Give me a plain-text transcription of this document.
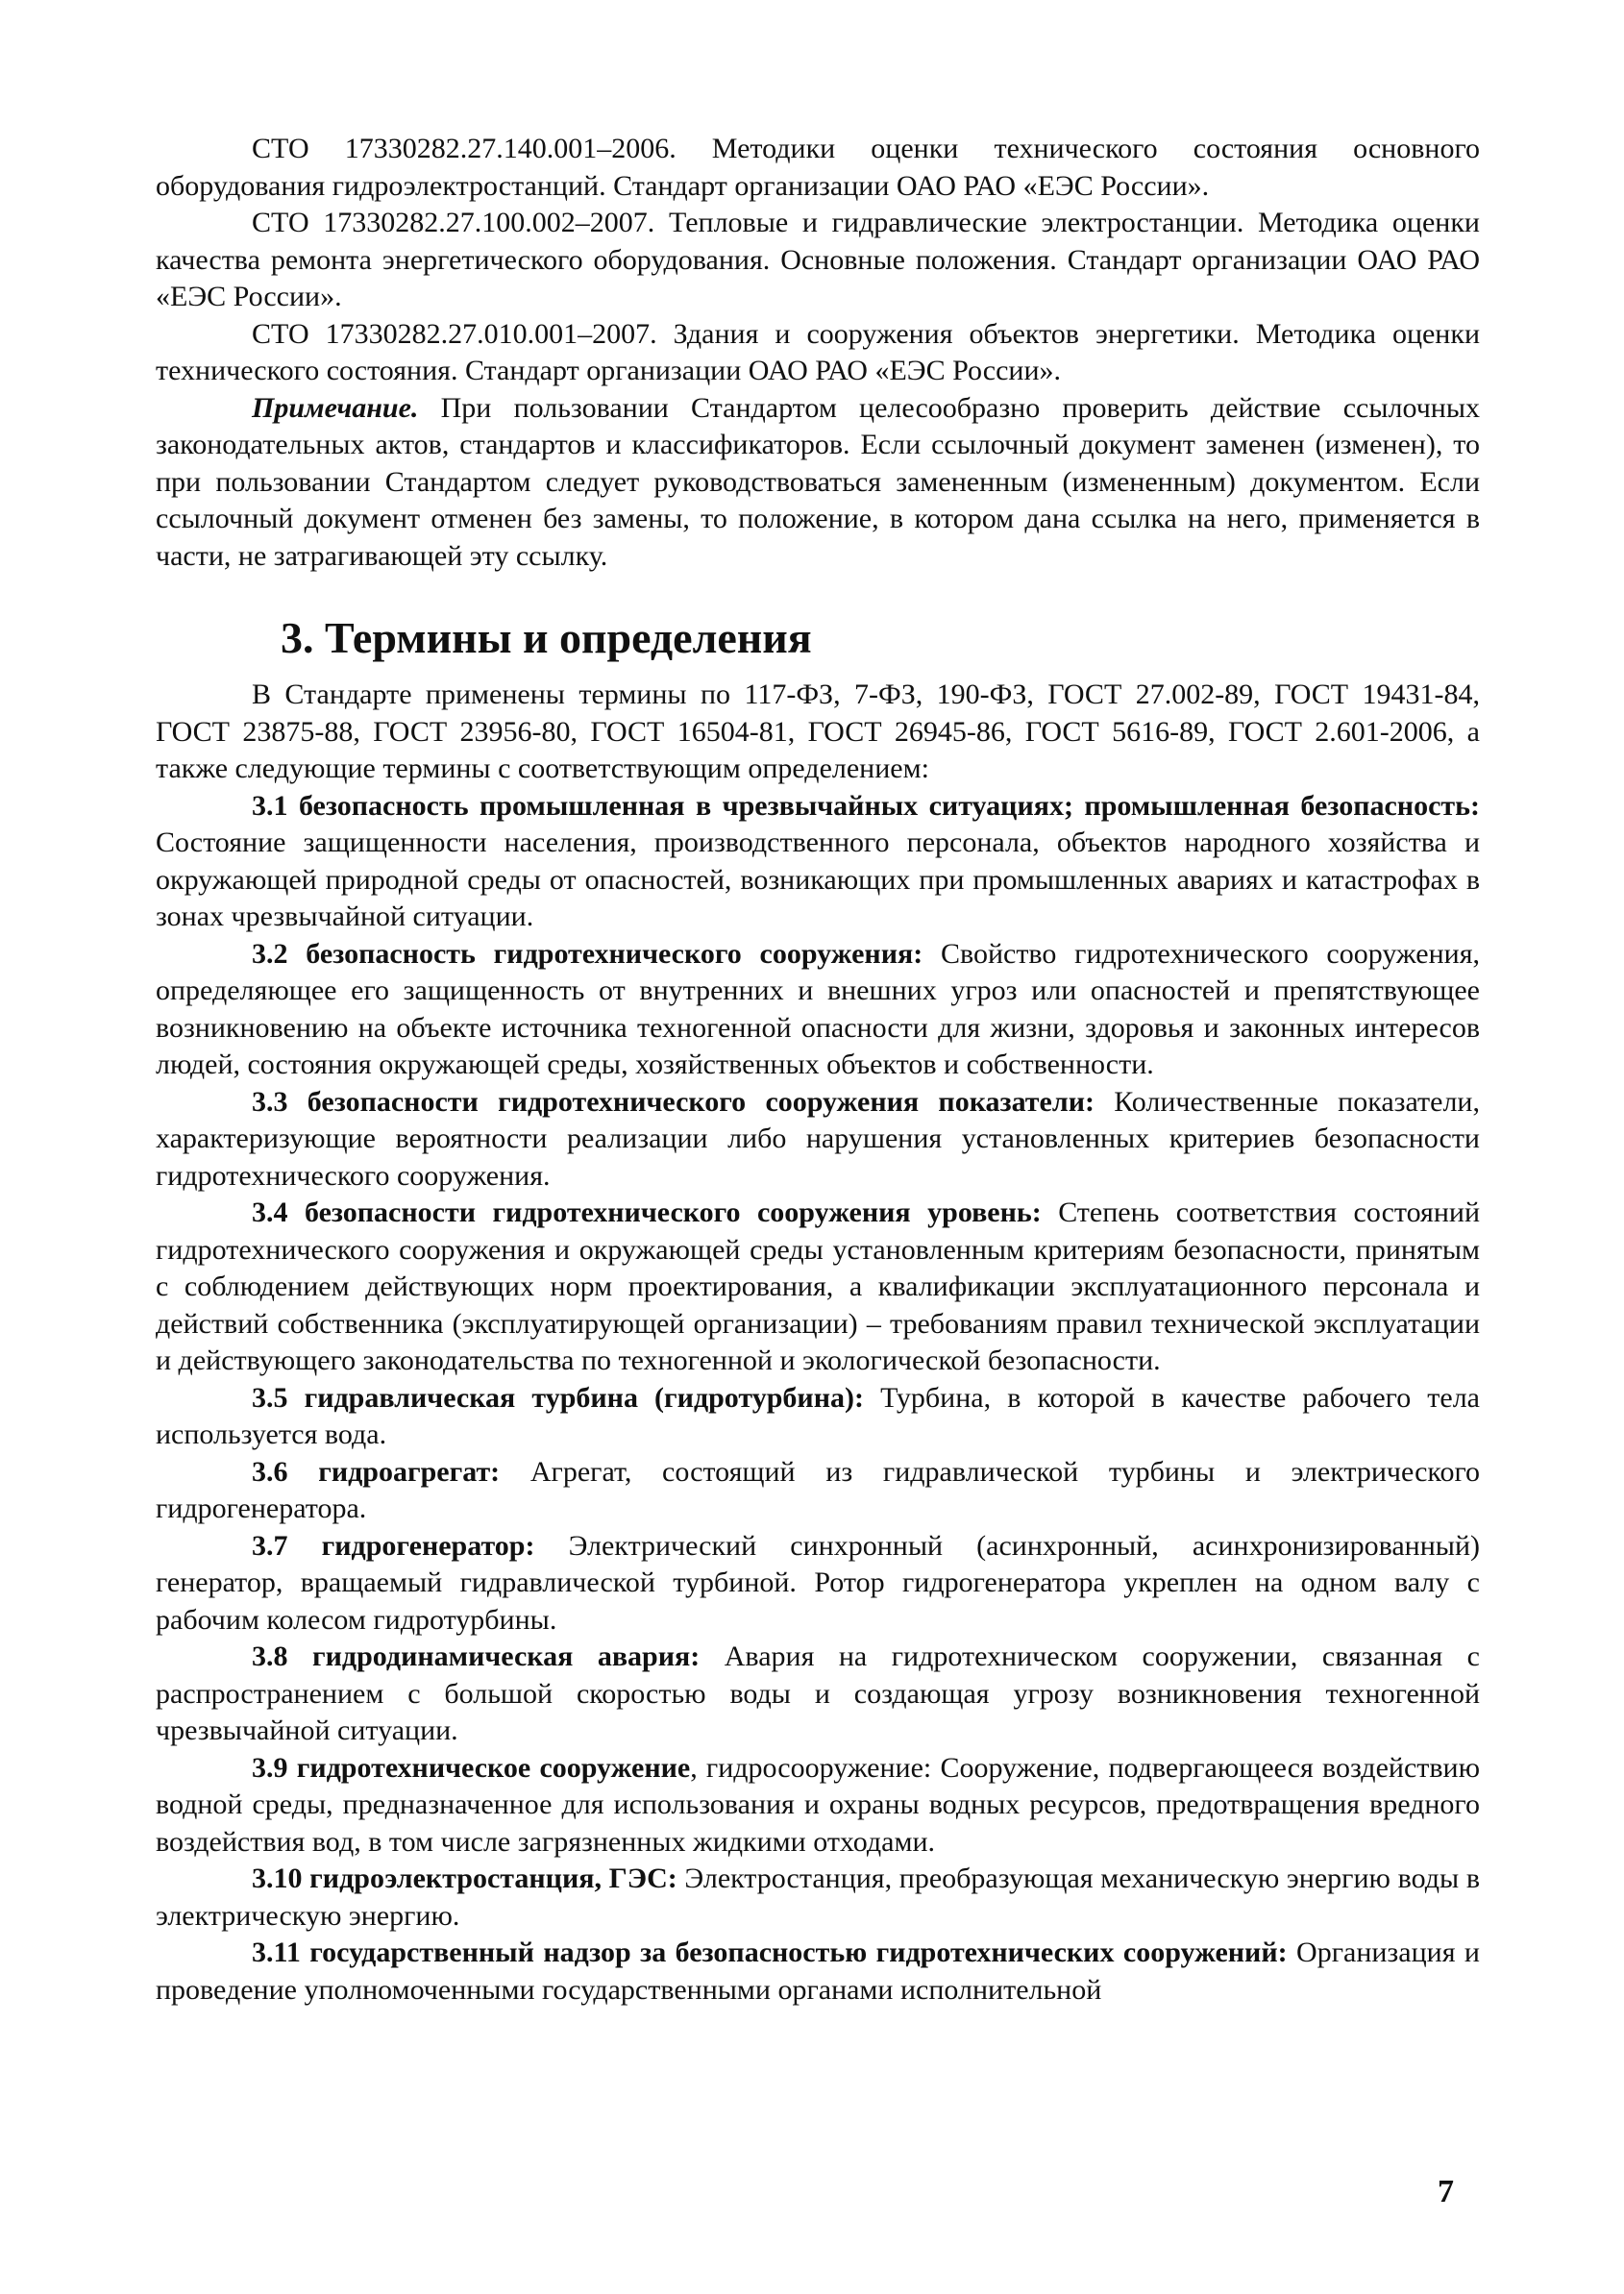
СТО 17330282.27.140.001–2006. Методики оценки технического состояния основного оборудования гидроэлектростанций. Стандарт организации ОАО РАО «ЕЭС России».

СТО 17330282.27.100.002–2007. Тепловые и гидравлические электростанции. Методика оценки качества ремонта энергетического оборудования. Основные положения. Стандарт организации ОАО РАО «ЕЭС России».

СТО 17330282.27.010.001–2007. Здания и сооружения объектов энергетики. Методика оценки технического состояния. Стандарт организации ОАО РАО «ЕЭС России».

Примечание. При пользовании Стандартом целесообразно проверить действие ссылочных законодательных актов, стандартов и классификаторов. Если ссылочный документ заменен (изменен), то при пользовании Стандартом следует руководствоваться замененным (измененным) документом. Если ссылочный документ отменен без замены, то положение, в котором дана ссылка на него, применяется в части, не затрагивающей эту ссылку.

3. Термины и определения

В Стандарте применены термины по 117-ФЗ, 7-ФЗ, 190-ФЗ, ГОСТ 27.002-89, ГОСТ 19431-84, ГОСТ 23875-88, ГОСТ 23956-80, ГОСТ 16504-81, ГОСТ 26945-86, ГОСТ 5616-89, ГОСТ 2.601-2006, а также следующие термины с соответствующим определением:

3.1 безопасность промышленная в чрезвычайных ситуациях; промышленная безопасность: Состояние защищенности населения, производственного персонала, объектов народного хозяйства и окружающей природной среды от опасностей, возникающих при промышленных авариях и катастрофах в зонах чрезвычайной ситуации.

3.2 безопасность гидротехнического сооружения: Свойство гидротехнического сооружения, определяющее его защищенность от внутренних и внешних угроз или опасностей и препятствующее возникновению на объекте источника техногенной опасности для жизни, здоровья и законных интересов людей, состояния окружающей среды, хозяйственных объектов и собственности.

3.3 безопасности гидротехнического сооружения показатели: Количественные показатели, характеризующие вероятности реализации либо нарушения установленных критериев безопасности гидротехнического сооружения.

3.4 безопасности гидротехнического сооружения уровень: Степень соответствия состояний гидротехнического сооружения и окружающей среды установленным критериям безопасности, принятым с соблюдением действующих норм проектирования, а квалификации эксплуатационного персонала и действий собственника (эксплуатирующей организации) – требованиям правил технической эксплуатации и действующего законодательства по техногенной и экологической безопасности.

3.5 гидравлическая турбина (гидротурбина): Турбина, в которой в качестве рабочего тела используется вода.

3.6 гидроагрегат: Агрегат, состоящий из гидравлической турбины и электрического гидрогенератора.

3.7 гидрогенератор: Электрический синхронный (асинхронный, асинхронизированный) генератор, вращаемый гидравлической турбиной. Ротор гидрогенератора укреплен на одном валу с рабочим колесом гидротурбины.

3.8 гидродинамическая авария: Авария на гидротехническом сооружении, связанная с распространением с большой скоростью воды и создающая угрозу возникновения техногенной чрезвычайной ситуации.

3.9 гидротехническое сооружение, гидросооружение: Сооружение, подвергающееся воздействию водной среды, предназначенное для использования и охраны водных ресурсов, предотвращения вредного воздействия вод, в том числе загрязненных жидкими отходами.

3.10 гидроэлектростанция, ГЭС: Электростанция, преобразующая механическую энергию воды в электрическую энергию.

3.11 государственный надзор за безопасностью гидротехнических сооружений: Организация и проведение уполномоченными государственными органами исполнительной

7
